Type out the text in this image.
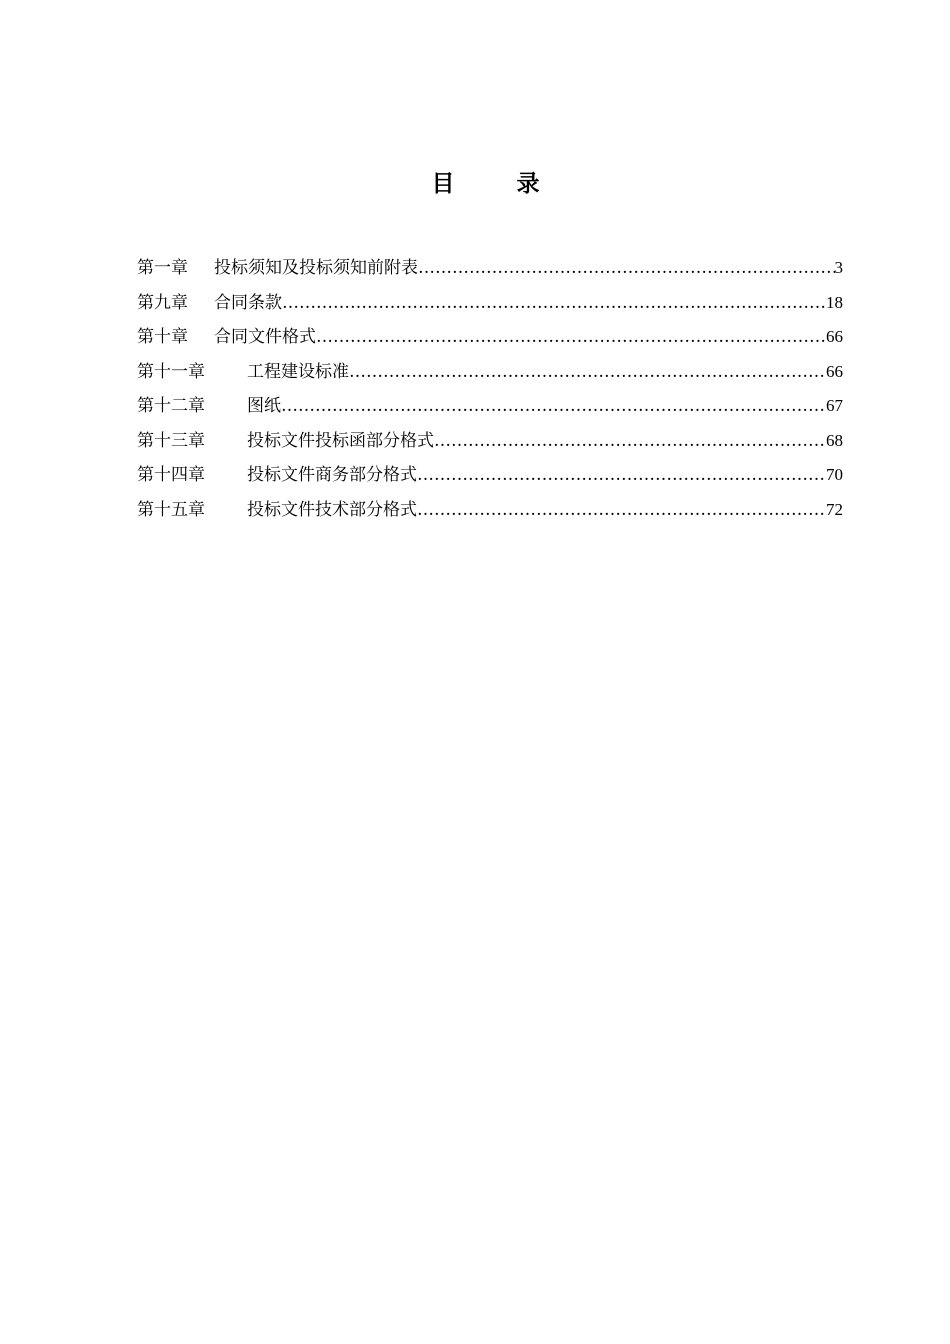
目 录
第一章	投标须知及投标须知前附表 ………………………………………………………………………………………………………………………………………………………………	3
第九章	合同条款 ………………………………………………………………………………………………………………………………………………………………	18
第十章	合同文件格式 ………………………………………………………………………………………………………………………………………………………………	66
第十一章	工程建设标准 ………………………………………………………………………………………………………………………………………………………………	66
第十二章	图纸 ………………………………………………………………………………………………………………………………………………………………	67
第十三章	投标文件投标函部分格式 ………………………………………………………………………………………………………………………………………………………………	68
第十四章	投标文件商务部分格式 ………………………………………………………………………………………………………………………………………………………………	70
第十五章	投标文件技术部分格式 ………………………………………………………………………………………………………………………………………………………………	72
